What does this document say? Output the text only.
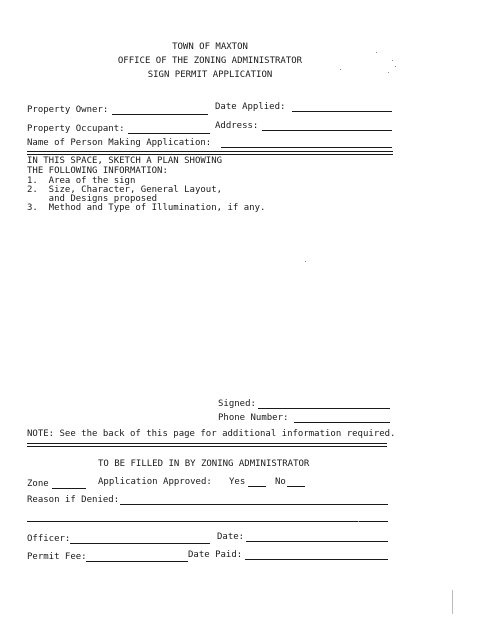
TOWN OF MAXTON
OFFICE OF THE ZONING ADMINISTRATOR
SIGN PERMIT APPLICATION
Property Owner:	Date Applied:
Property Occupant:	Address:
Name of Person Making Application:
IN THIS SPACE, SKETCH A PLAN SHOWING
THE FOLLOWING INFORMATION:
1.  Area of the sign
2.  Size, Character, General Layout,
and Designs proposed
3.  Method and Type of Illumination, if any.
Signed:
Phone Number:
NOTE: See the back of this page for additional information required.
TO BE FILLED IN BY ZONING ADMINISTRATOR
Zone	Application Approved: Yes	No
Reason if Denied:
Officer:	Date:
Permit Fee:	Date Paid:
